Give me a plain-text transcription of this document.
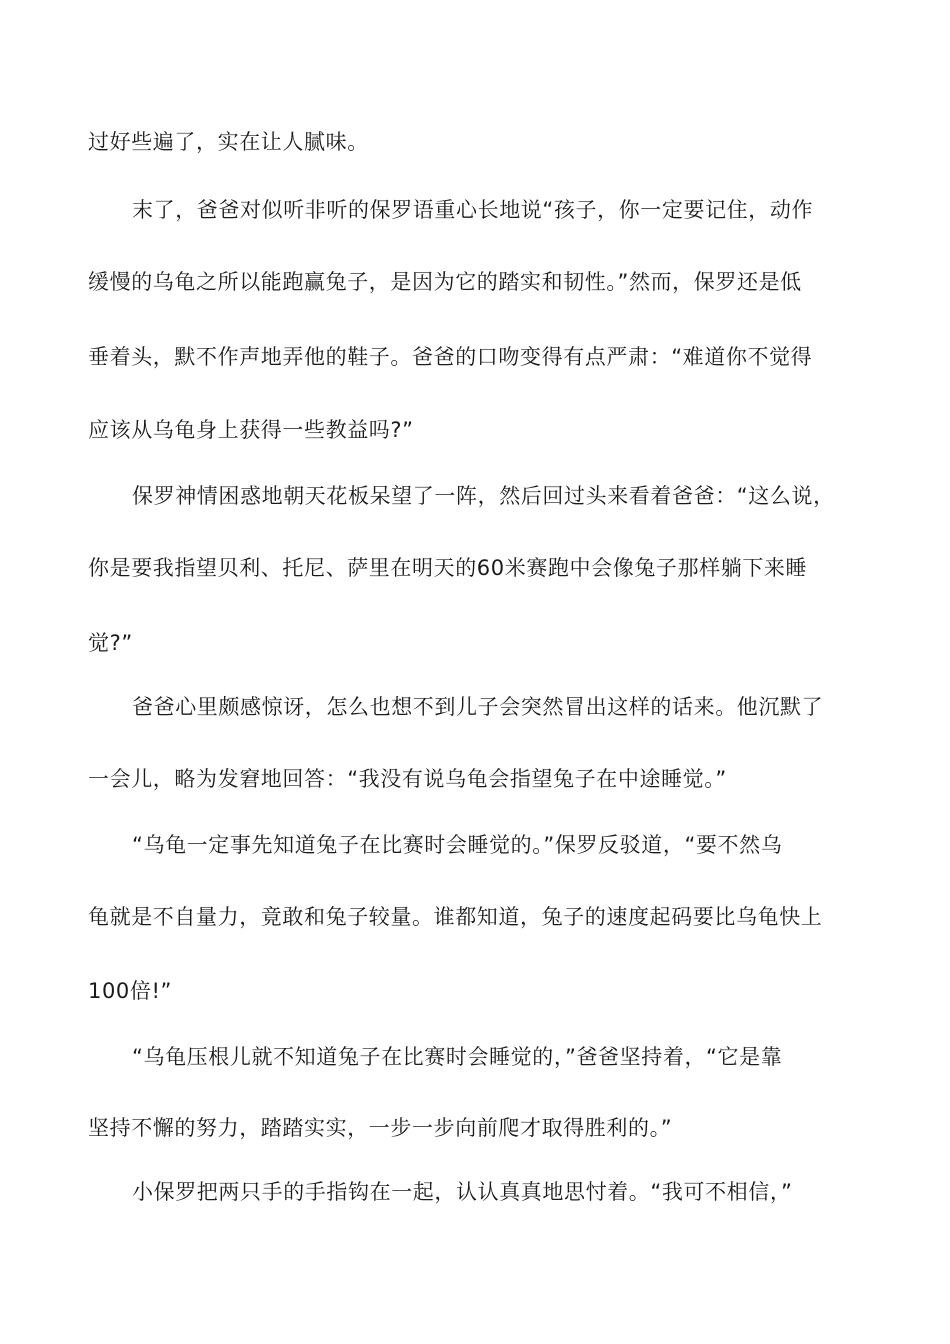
过好些遍了，实在让人腻味。
末了，爸爸对似听非听的保罗语重心长地说“孩子，你一定要记住，动作
缓慢的乌龟之所以能跑赢兔子，是因为它的踏实和韧性。”然而，保罗还是低
垂着头，默不作声地弄他的鞋子。爸爸的口吻变得有点严肃：“难道你不觉得
应该从乌龟身上获得一些教益吗?”
保罗神情困惑地朝天花板呆望了一阵，然后回过头来看着爸爸：“这么说，
你是要我指望贝利、托尼、萨里在明天的60米赛跑中会像兔子那样躺下来睡
觉?”
爸爸心里颇感惊讶，怎么也想不到儿子会突然冒出这样的话来。他沉默了
一会儿，略为发窘地回答：“我没有说乌龟会指望兔子在中途睡觉。”
“乌龟一定事先知道兔子在比赛时会睡觉的。”保罗反驳道，“要不然乌
龟就是不自量力，竟敢和兔子较量。谁都知道，兔子的速度起码要比乌龟快上
100倍!”
“乌龟压根儿就不知道兔子在比赛时会睡觉的，”爸爸坚持着，“它是靠
坚持不懈的努力，踏踏实实，一步一步向前爬才取得胜利的。”
小保罗把两只手的手指钩在一起，认认真真地思忖着。“我可不相信，”
